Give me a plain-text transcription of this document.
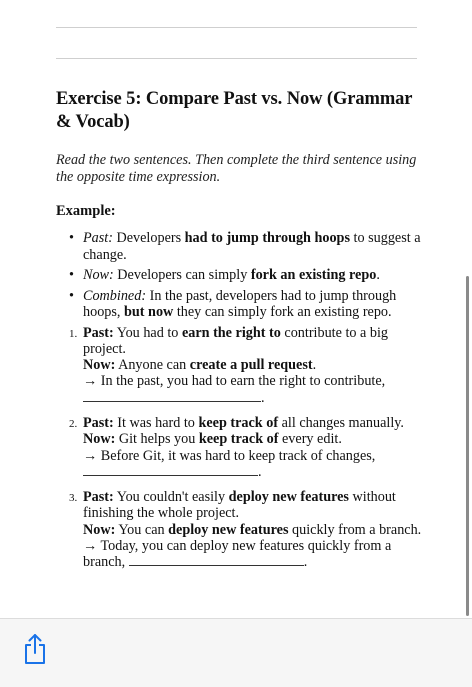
Exercise 5: Compare Past vs. Now (Grammar & Vocab)

Read the two sentences. Then complete the third sentence using the opposite time expression.

Example:

• Past: Developers had to jump through hoops to suggest a change.
• Now: Developers can simply fork an existing repo.
• Combined: In the past, developers had to jump through hoops, but now they can simply fork an existing repo.
1. Past: You had to earn the right to contribute to a big project.
Now: Anyone can create a pull request.
→ In the past, you had to earn the right to contribute,
.
2. Past: It was hard to keep track of all changes manually.
Now: Git helps you keep track of every edit.
→ Before Git, it was hard to keep track of changes,
.
3. Past: You couldn't easily deploy new features without finishing the whole project.
Now: You can deploy new features quickly from a branch.
→ Today, you can deploy new features quickly from a branch,	.
